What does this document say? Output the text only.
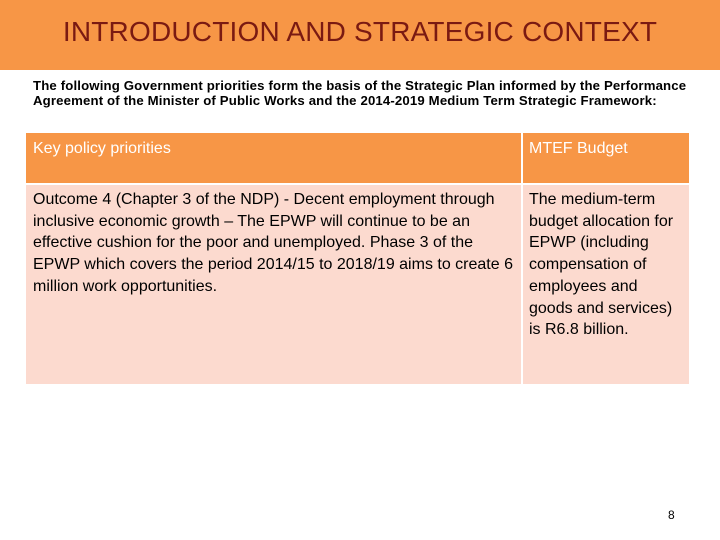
INTRODUCTION AND STRATEGIC CONTEXT
The following Government priorities form the basis of the Strategic Plan informed by the Performance Agreement of the Minister of Public Works and the 2014-2019 Medium Term Strategic Framework:
Key policy priorities	MTEF Budget
Outcome 4 (Chapter 3 of the NDP) - Decent employment through inclusive economic growth – The EPWP will continue to be an effective cushion for the poor and unemployed. Phase 3 of the EPWP which covers the period 2014/15 to 2018/19 aims to create 6 million work opportunities.	The medium-term budget allocation for EPWP (including compensation of employees and goods and services) is R6.8 billion.
8
